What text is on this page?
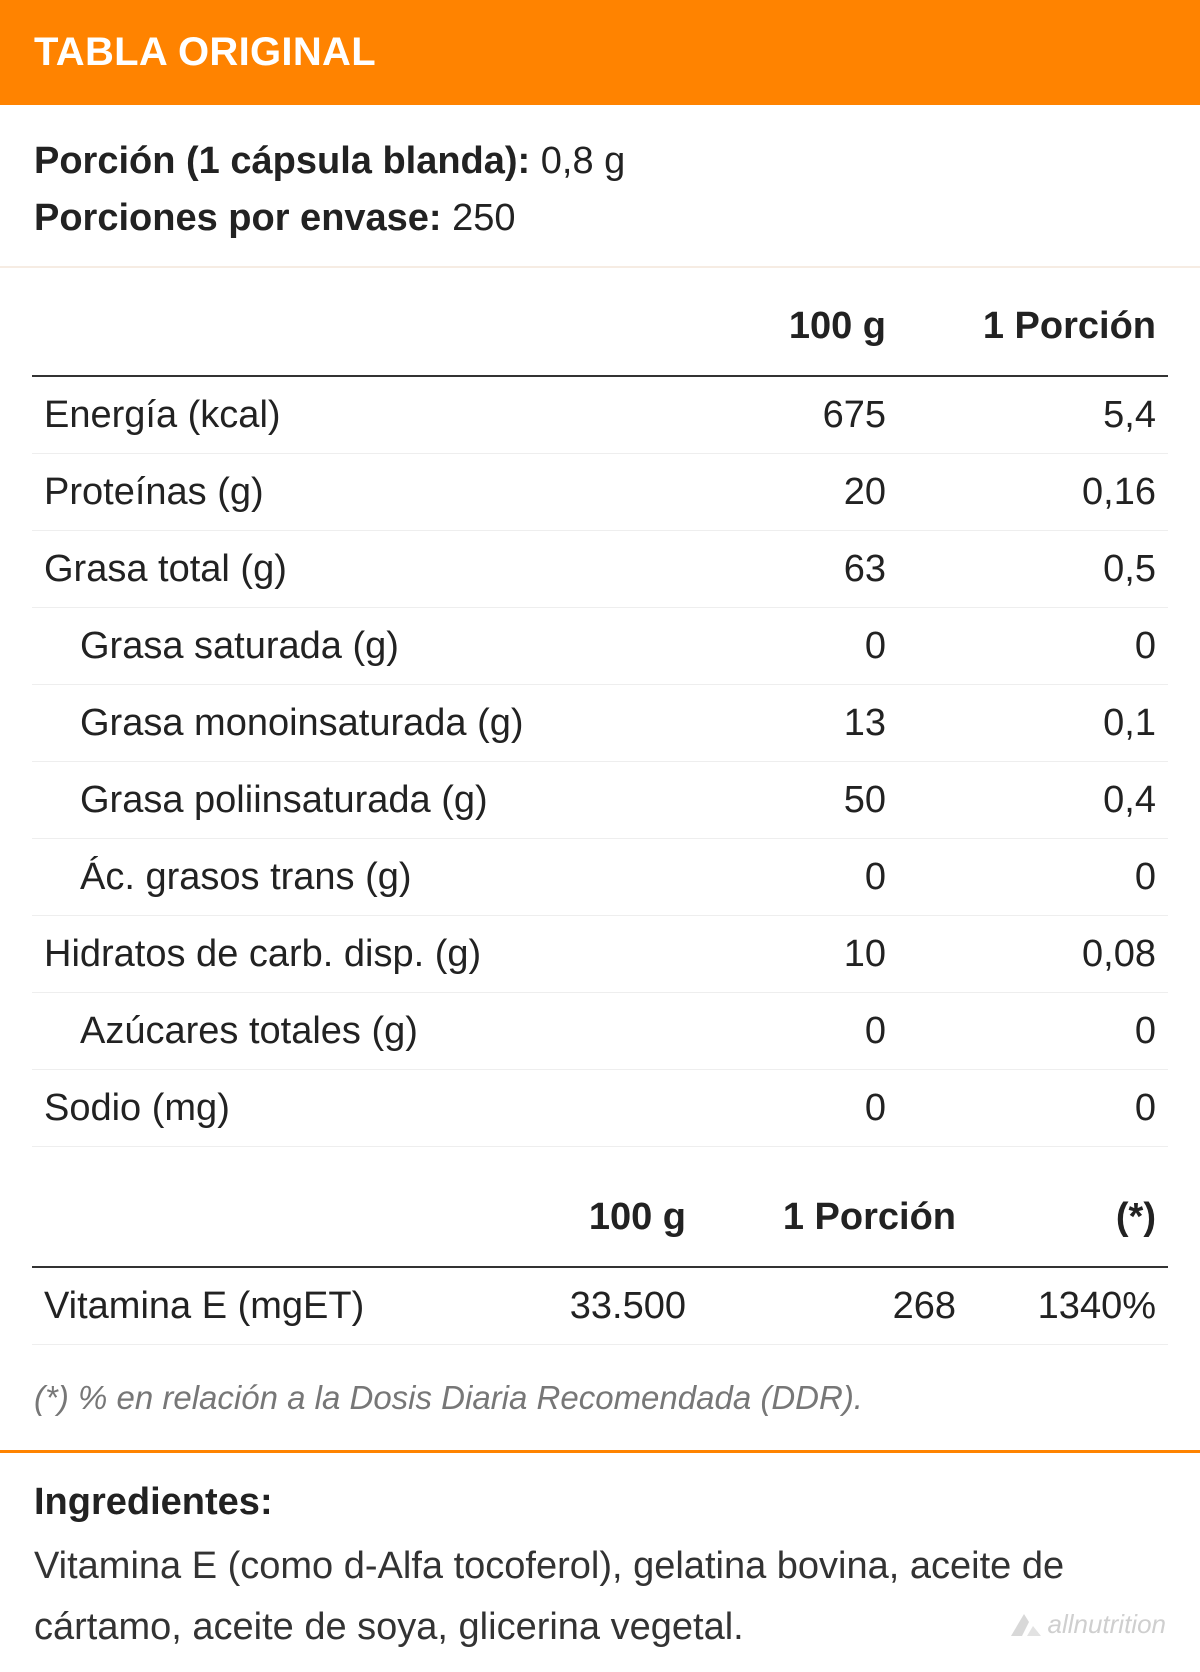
TABLA ORIGINAL
Porción (1 cápsula blanda): 0,8 g
Porciones por envase: 250
	100 g	1 Porción
Energía (kcal)	675	5,4
Proteínas (g)	20	0,16
Grasa total (g)	63	0,5
Grasa saturada (g)	0	0
Grasa monoinsaturada (g)	13	0,1
Grasa poliinsaturada (g)	50	0,4
Ác. grasos trans (g)	0	0
Hidratos de carb. disp. (g)	10	0,08
Azúcares totales (g)	0	0
Sodio (mg)	0	0
	100 g	1 Porción	(*)
Vitamina E (mgET)	33.500	268	1340%
(*) % en relación a la Dosis Diaria Recomendada (DDR).
Ingredientes:
Vitamina E (como d-Alfa tocoferol), gelatina bovina, aceite de cártamo, aceite de soya, glicerina vegetal.	allnutrition
